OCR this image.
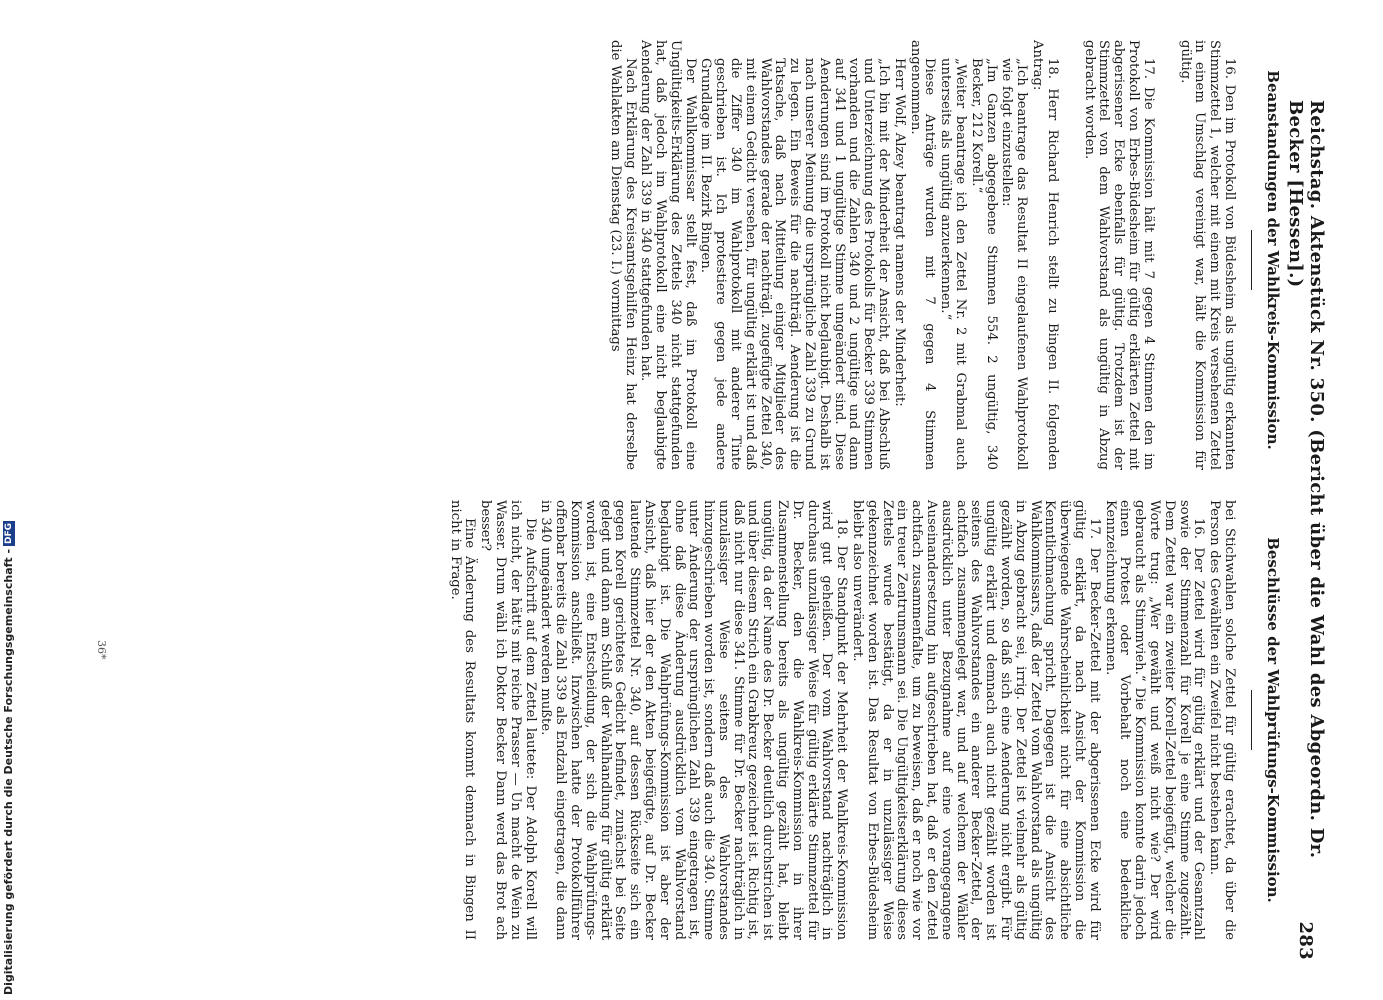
Digitalisierung gefördert durch die Deutsche Forschungsgemeinschaft -DFG	Reichstag. Aktenstück Nr. 350. (Bericht über die Wahl des Abgeordn. Dr. Becker [Hessen].)
283
Beanstandungen der Wahlkreis-Kommission.
Beschlüsse der Wahlprüfungs-Kommission.

16. Den im Protokoll von Büdesheim als ungültig erkannten Stimmzettel 1, welcher mit einem mit Kreis versehenen Zettel in einem Umschlag vereinigt war, hält die Kommission für gültig.

17. Die Kommission hält mit 7 gegen 4 Stimmen den im Protokoll von Erbes-Büdesheim für gültig erklärten Zettel mit abgerissener Ecke ebenfalls für gültig. Trotzdem ist der Stimmzettel von dem Wahlvorstand als ungültig in Abzug gebracht worden.

18. Herr Richard Henrich stellt zu Bingen II. folgenden Antrag:

„Ich beantrage das Resultat II eingelaufenen Wahlprotokoll wie folgt einzustellen:

„Im Ganzen abgegebene Stimmen 554. 2 ungültig, 340 Becker, 212 Korell.“

„Weiter beantrage ich den Zettel Nr. 2 mit Grabmal auch unterseits als ungültig anzuerkennen.“

Diese Anträge wurden mit 7 gegen 4 Stimmen angenommen.

Herr Wolf, Alzey beantragt namens der Minderheit:

„Ich bin mit der Minderheit der Ansicht, daß bei Abschluß und Unterzeichnung des Protokolls für Becker 339 Stimmen vorhanden und die Zahlen 340 und 2 ungültige und dann auf 341 und 1 ungültige Stimme umgeändert sind. Diese Aenderungen sind im Protokoll nicht beglaubigt. Deshalb ist nach unserer Meinung die ursprüngliche Zahl 339 zu Grund zu legen. Ein Beweis für die nachträgl. Aenderung ist die Tatsache, daß nach Mitteilung einiger Mitglieder des Wahlvorstandes gerade der nachträgl. zugefügte Zettel 340, mit einem Gedicht versehen, für ungültig erklärt ist und daß die Ziffer 340 im Wahlprotokoll mit anderer Tinte geschrieben ist. Ich protestiere gegen jede andere Grundlage im II. Bezirk Bingen.

Der Wahlkommissar stellt fest, daß im Protokoll eine Ungültigkeits-Erklärung des Zettels 340 nicht stattgefunden hat, daß jedoch im Wahlprotokoll eine nicht beglaubigte Aenderung der Zahl 339 in 340 stattgefunden hat.

Nach Erklärung des Kreisamtsgehilfen Heinz hat derselbe die Wahlakten am Dienstag (23. I.) vormittags

bei Stichwahlen solche Zettel für gültig erachtet, da über die Person des Gewählten ein Zweifel nicht bestehen kann.

16. Der Zettel wird für gültig erklärt und der Gesamtzahl sowie der Stimmenzahl für Korell je eine Stimme zugezählt. Dem Zettel war ein zweiter Korell-Zettel beigefügt, welcher die Worte trug: „Wer gewählt und weiß nicht wie? Der wird gebraucht als Stimmvieh.“ Die Kommission konnte darin jedoch einen Protest oder Vorbehalt noch eine bedenkliche Kennzeichnung erkennen.

17. Der Becker-Zettel mit der abgerissenen Ecke wird für gültig erklärt, da nach Ansicht der Kommission die überwiegende Wahrscheinlichkeit nicht für eine absichtliche Kenntlichmachung spricht. Dagegen ist die Ansicht des Wahlkommissars, daß der Zettel vom Wahlvorstand als ungültig in Abzug gebracht sei, irrig. Der Zettel ist vielmehr als gültig gezählt worden, so daß sich eine Aenderung nicht ergibt. Für ungültig erklärt und demnach auch nicht gezählt worden ist seitens des Wahlvorstandes ein anderer Becker-Zettel, der achtfach zusammengelegt war, und auf welchem der Wähler ausdrücklich unter Bezugnahme auf eine vorangegangene Auseinandersetzung hin aufgeschrieben hat, daß er den Zettel achtfach zusammenfalte, um zu beweisen, daß er noch wie vor ein treuer Zentrumsmann sei. Die Ungültigkeitserklärung dieses Zettels wurde bestätigt, da er in unzulässiger Weise gekennzeichnet worden ist. Das Resultat von Erbes-Büdesheim bleibt also unverändert.

18. Der Standpunkt der Mehrheit der Wahlkreis-Kommission wird gut geheißen. Der vom Wahlvorstand nachträglich in durchaus unzulässiger Weise für gültig erklärte Stimmzettel für Dr. Becker, den die Wahlkreis-Kommission in ihrer Zusammenstellung bereits als ungültig gezählt hat, bleibt ungültig, da der Name des Dr. Becker deutlich durchstrichen ist und über diesem Strich ein Grabkreuz gezeichnet ist. Richtig ist, daß nicht nur diese 341. Stimme für Dr. Becker nachträglich in unzulässiger Weise seitens des Wahlvorstandes hinzugeschrieben worden ist, sondern daß auch die 340. Stimme unter Änderung der ursprünglichen Zahl 339 eingetragen ist, ohne daß diese Änderung ausdrücklich vom Wahlvorstand beglaubigt ist. Die Wahlprüfungs-Kommission ist aber der Ansicht, daß hier der den Akten beigefügte, auf Dr. Becker lautende Stimmzettel Nr. 340, auf dessen Rückseite sich ein gegen Korell gerichtetes Gedicht befindet, zunächst bei Seite gelegt und dann am Schluß der Wahlhandlung für gültig erklärt worden ist, eine Entscheidung, der sich die Wahlprüfungs-Kommission anschließt. Inzwischen hatte der Protokollführer offenbar bereits die Zahl 339 als Endzahl eingetragen, die dann in 340 umgeändert werden mußte.

Die Aufschrift auf dem Zettel lautete: Der Adolph Korell will ich nicht, der hätt's mit reiche Prasser — Un macht de Wein zu Wasser. Drum wähl ich Doktor Becker Dann werd das Brot ach besser?

Eine Änderung des Resultats kommt demnach in Bingen II nicht in Frage.

36*
